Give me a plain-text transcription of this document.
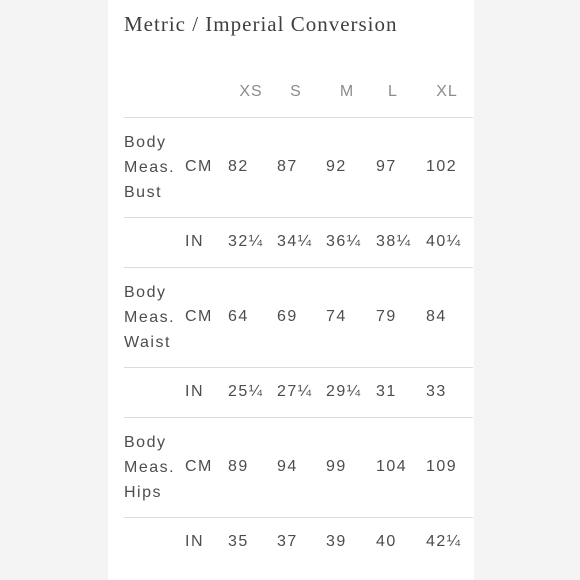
Metric / Imperial Conversion
XS S M L XL
Body
Meas.
Bust
CM 82 87 92 97 102
IN 32¼ 34¼ 36¼ 38¼ 40¼
Body
Meas.
Waist
CM 64 69 74 79 84
IN 25¼ 27¼ 29¼ 31 33
Body
Meas.
Hips
CM 89 94 99 104 109
IN 35 37 39 40 42¼
